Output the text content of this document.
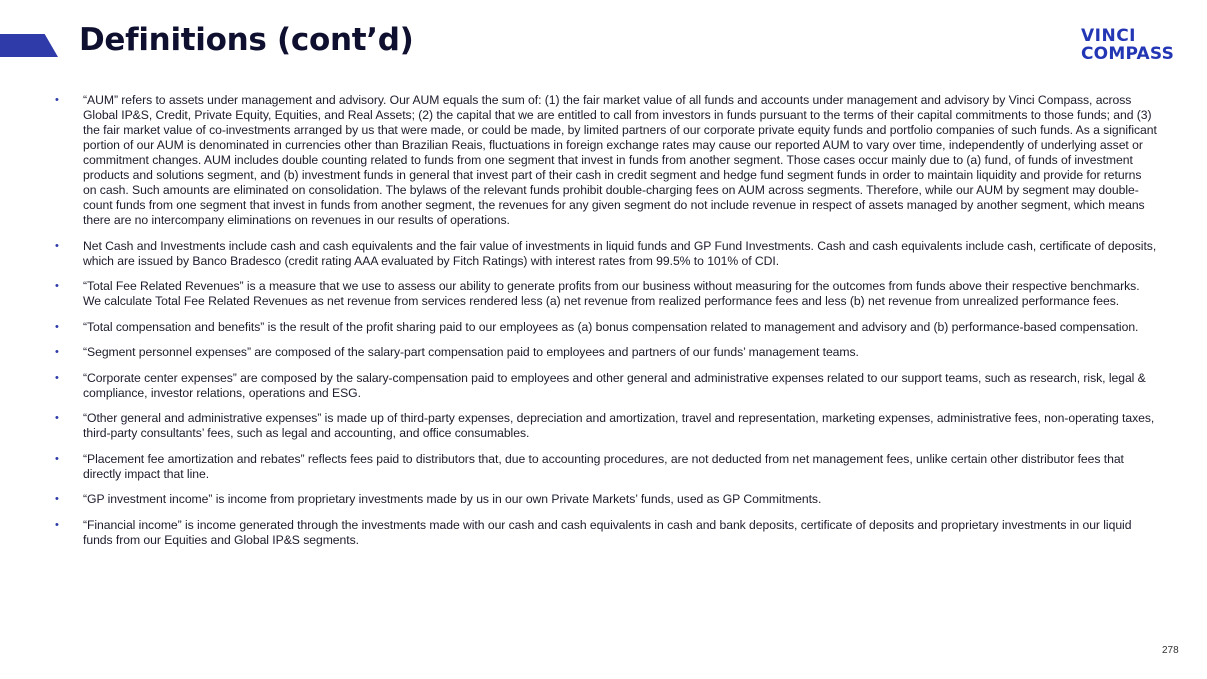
Definitions (cont’d)	VINCI
COMPASS
• “AUM” refers to assets under management and advisory. Our AUM equals the sum of: (1) the fair market value of all funds and accounts under management and advisory by Vinci Compass, across Global IP&S, Credit, Private Equity, Equities, and Real Assets; (2) the capital that we are entitled to call from investors in funds pursuant to the terms of their capital commitments to those funds; and (3) the fair market value of co-investments arranged by us that were made, or could be made, by limited partners of our corporate private equity funds and portfolio companies of such funds. As a significant portion of our AUM is denominated in currencies other than Brazilian Reais, fluctuations in foreign exchange rates may cause our reported AUM to vary over time, independently of underlying asset or commitment changes. AUM includes double counting related to funds from one segment that invest in funds from another segment. Those cases occur mainly due to (a) fund, of funds of investment products and solutions segment, and (b) investment funds in general that invest part of their cash in credit segment and hedge fund segment funds in order to maintain liquidity and provide for returns on cash. Such amounts are eliminated on consolidation. The bylaws of the relevant funds prohibit double-charging fees on AUM across segments. Therefore, while our AUM by segment may double-count funds from one segment that invest in funds from another segment, the revenues for any given segment do not include revenue in respect of assets managed by another segment, which means there are no intercompany eliminations on revenues in our results of operations.
• Net Cash and Investments include cash and cash equivalents and the fair value of investments in liquid funds and GP Fund Investments. Cash and cash equivalents include cash, certificate of deposits, which are issued by Banco Bradesco (credit rating AAA evaluated by Fitch Ratings) with interest rates from 99.5% to 101% of CDI.
• “Total Fee Related Revenues” is a measure that we use to assess our ability to generate profits from our business without measuring for the outcomes from funds above their respective benchmarks. We calculate Total Fee Related Revenues as net revenue from services rendered less (a) net revenue from realized performance fees and less (b) net revenue from unrealized performance fees.
• “Total compensation and benefits” is the result of the profit sharing paid to our employees as (a) bonus compensation related to management and advisory and (b) performance-based compensation.
• “Segment personnel expenses” are composed of the salary-part compensation paid to employees and partners of our funds’ management teams.
• “Corporate center expenses” are composed by the salary-compensation paid to employees and other general and administrative expenses related to our support teams, such as research, risk, legal & compliance, investor relations, operations and ESG.
• “Other general and administrative expenses” is made up of third-party expenses, depreciation and amortization, travel and representation, marketing expenses, administrative fees, non-operating taxes, third-party consultants’ fees, such as legal and accounting, and office consumables.
• “Placement fee amortization and rebates” reflects fees paid to distributors that, due to accounting procedures, are not deducted from net management fees, unlike certain other distributor fees that directly impact that line.
• “GP investment income” is income from proprietary investments made by us in our own Private Markets’ funds, used as GP Commitments.
• “Financial income” is income generated through the investments made with our cash and cash equivalents in cash and bank deposits, certificate of deposits and proprietary investments in our liquid funds from our Equities and Global IP&S segments.
278
